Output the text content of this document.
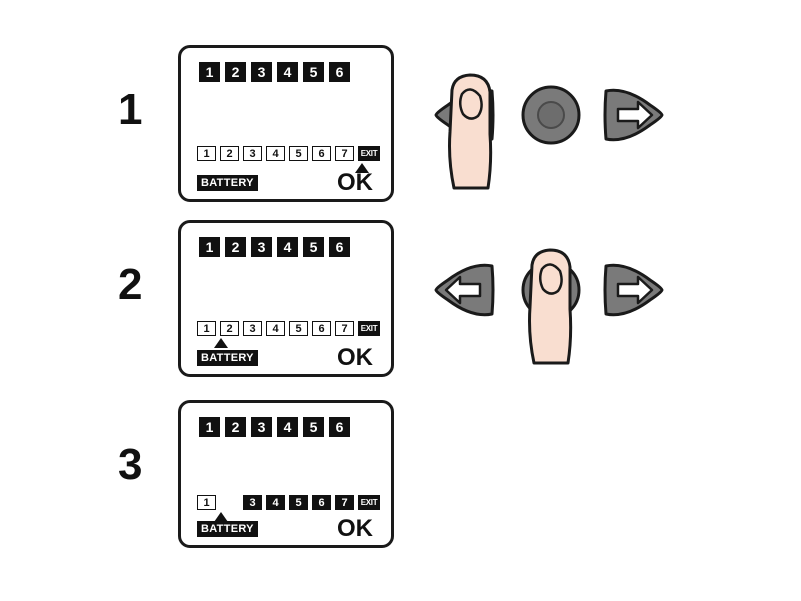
1
1	2	3	4	5	6
1	2	3	4	5	6	7	EXIT
BATTERY	OK
2
1	2	3	4	5	6
1	2	3	4	5	6	7	EXIT
BATTERY	OK
3
1	2	3	4	5	6
1	3	4	5	6	7	EXIT
BATTERY	OK
